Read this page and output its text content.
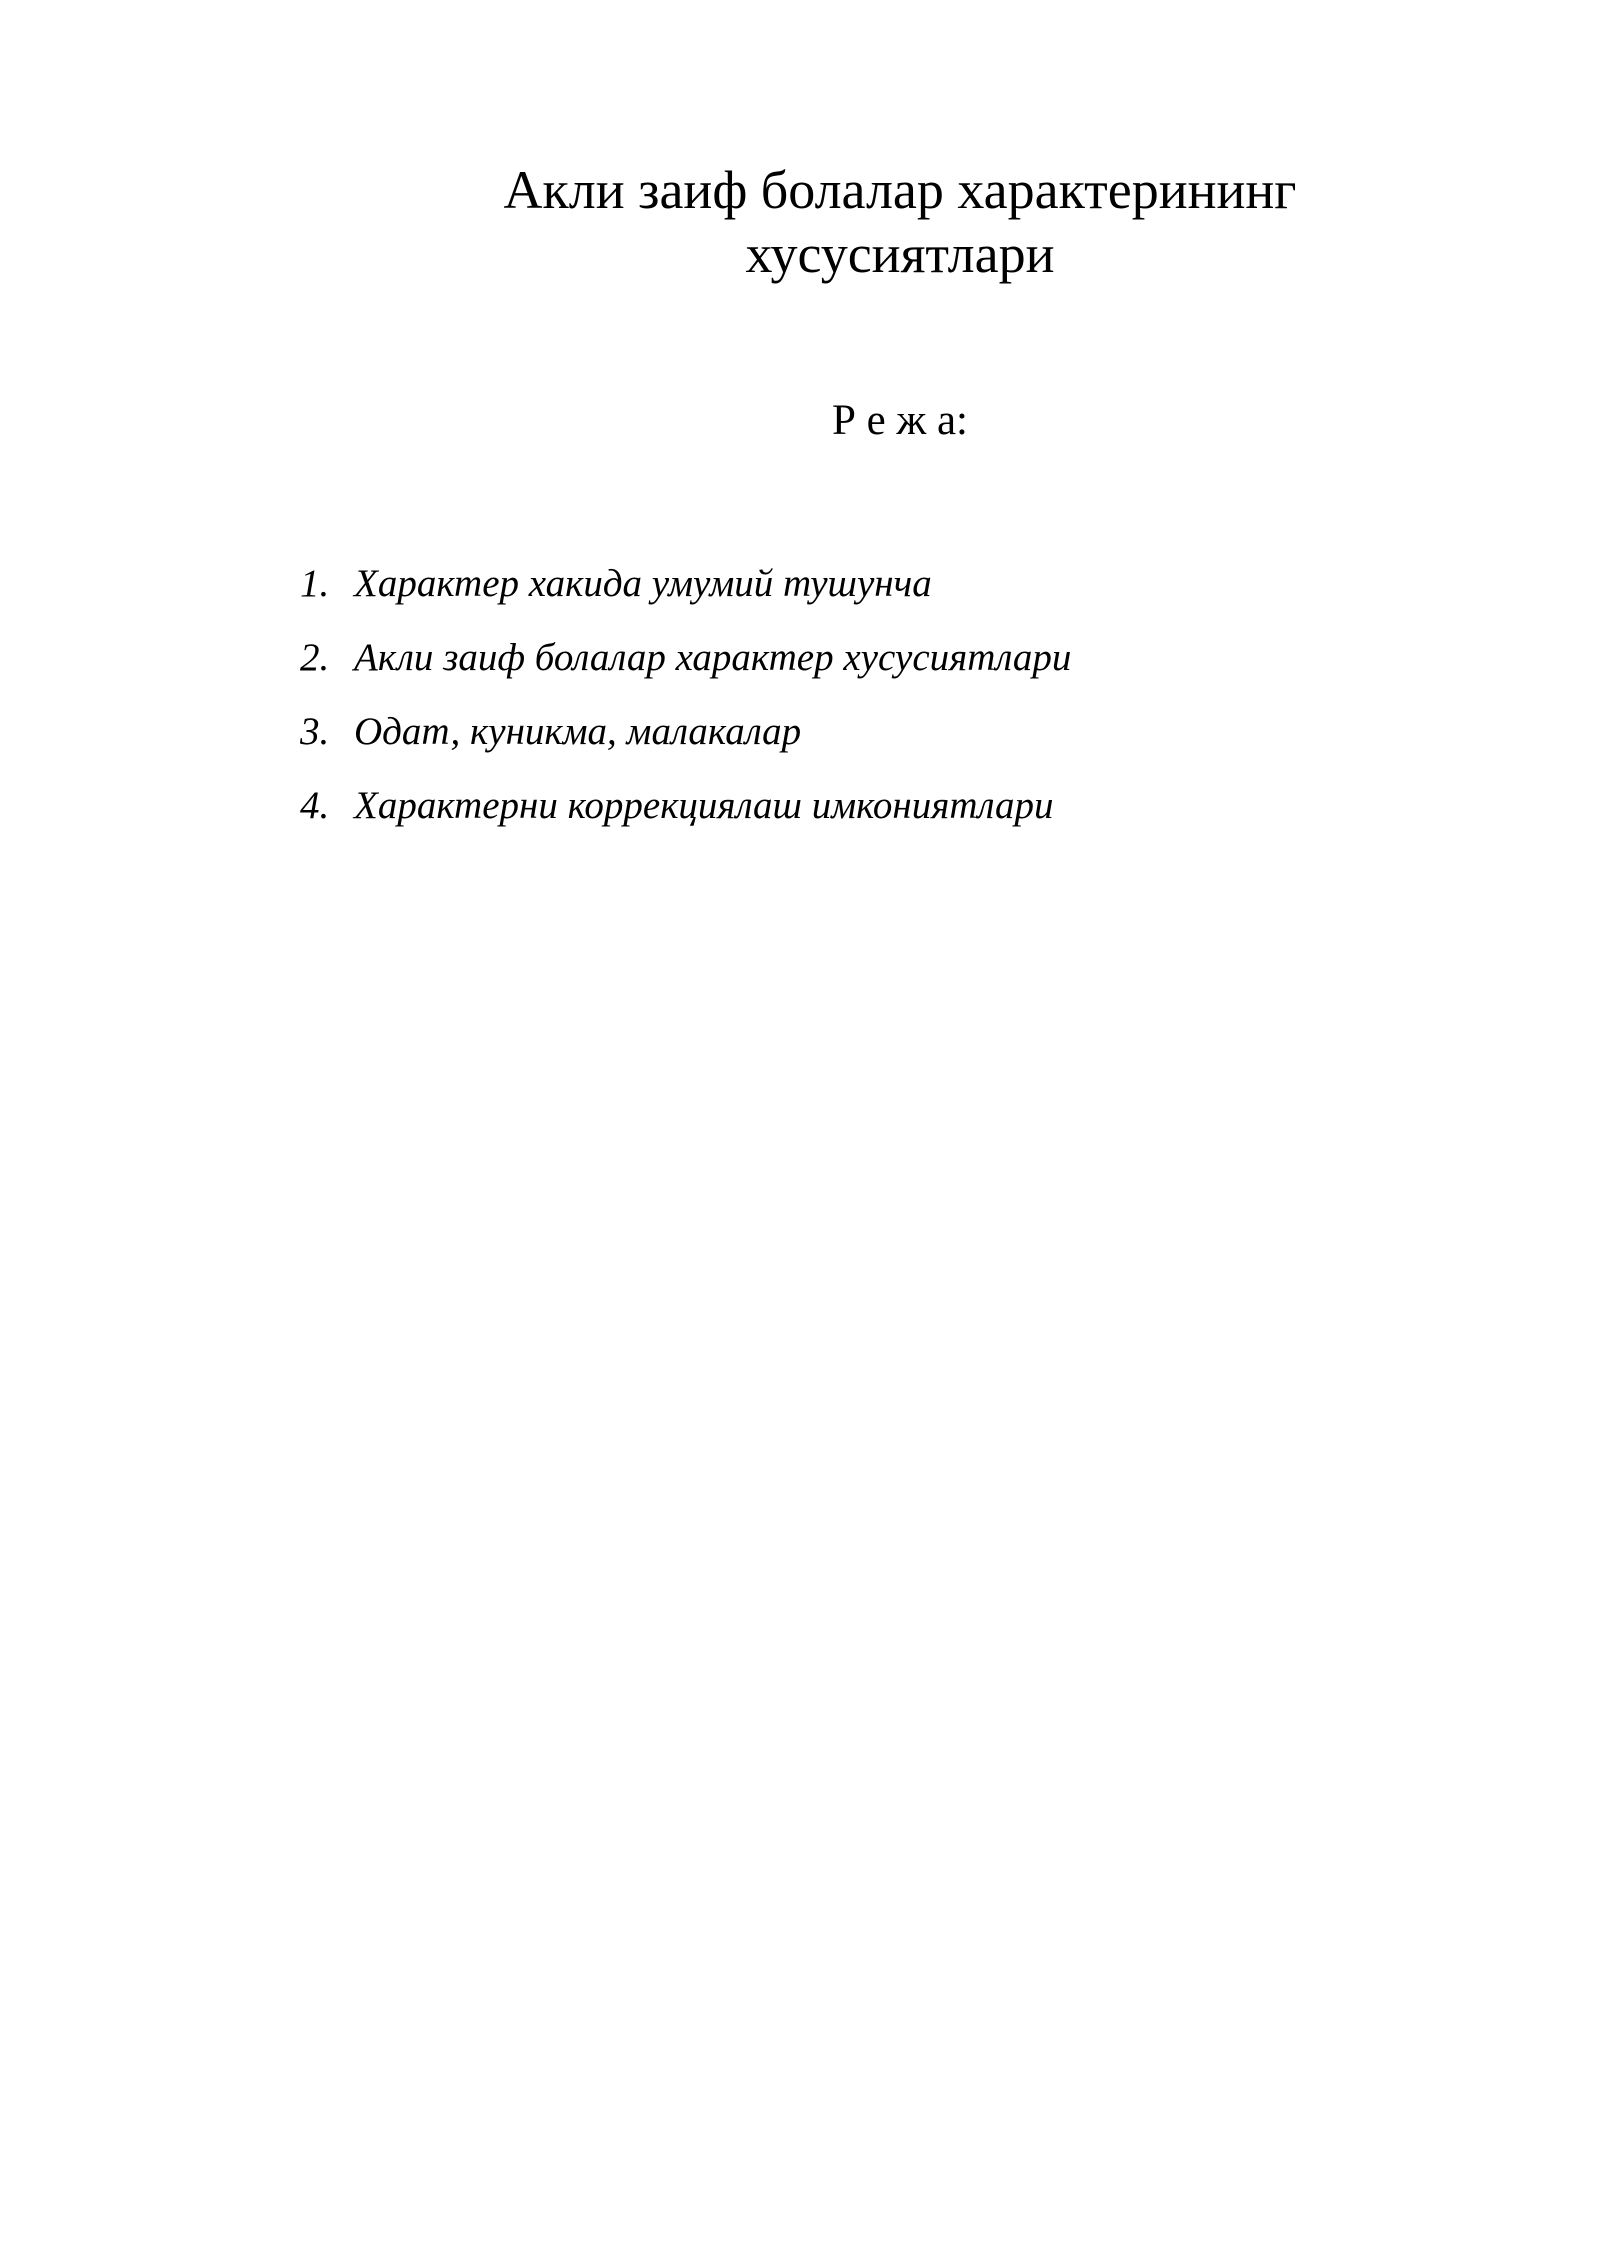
Акли заиф болалар характерининг
хусусиятлари
Р е ж а:
1. Характер хакида умумий тушунча
2. Акли заиф болалар характер хусусиятлари
3. Одат, куникма, малакалар
4. Характерни коррекциялаш имкониятлари
